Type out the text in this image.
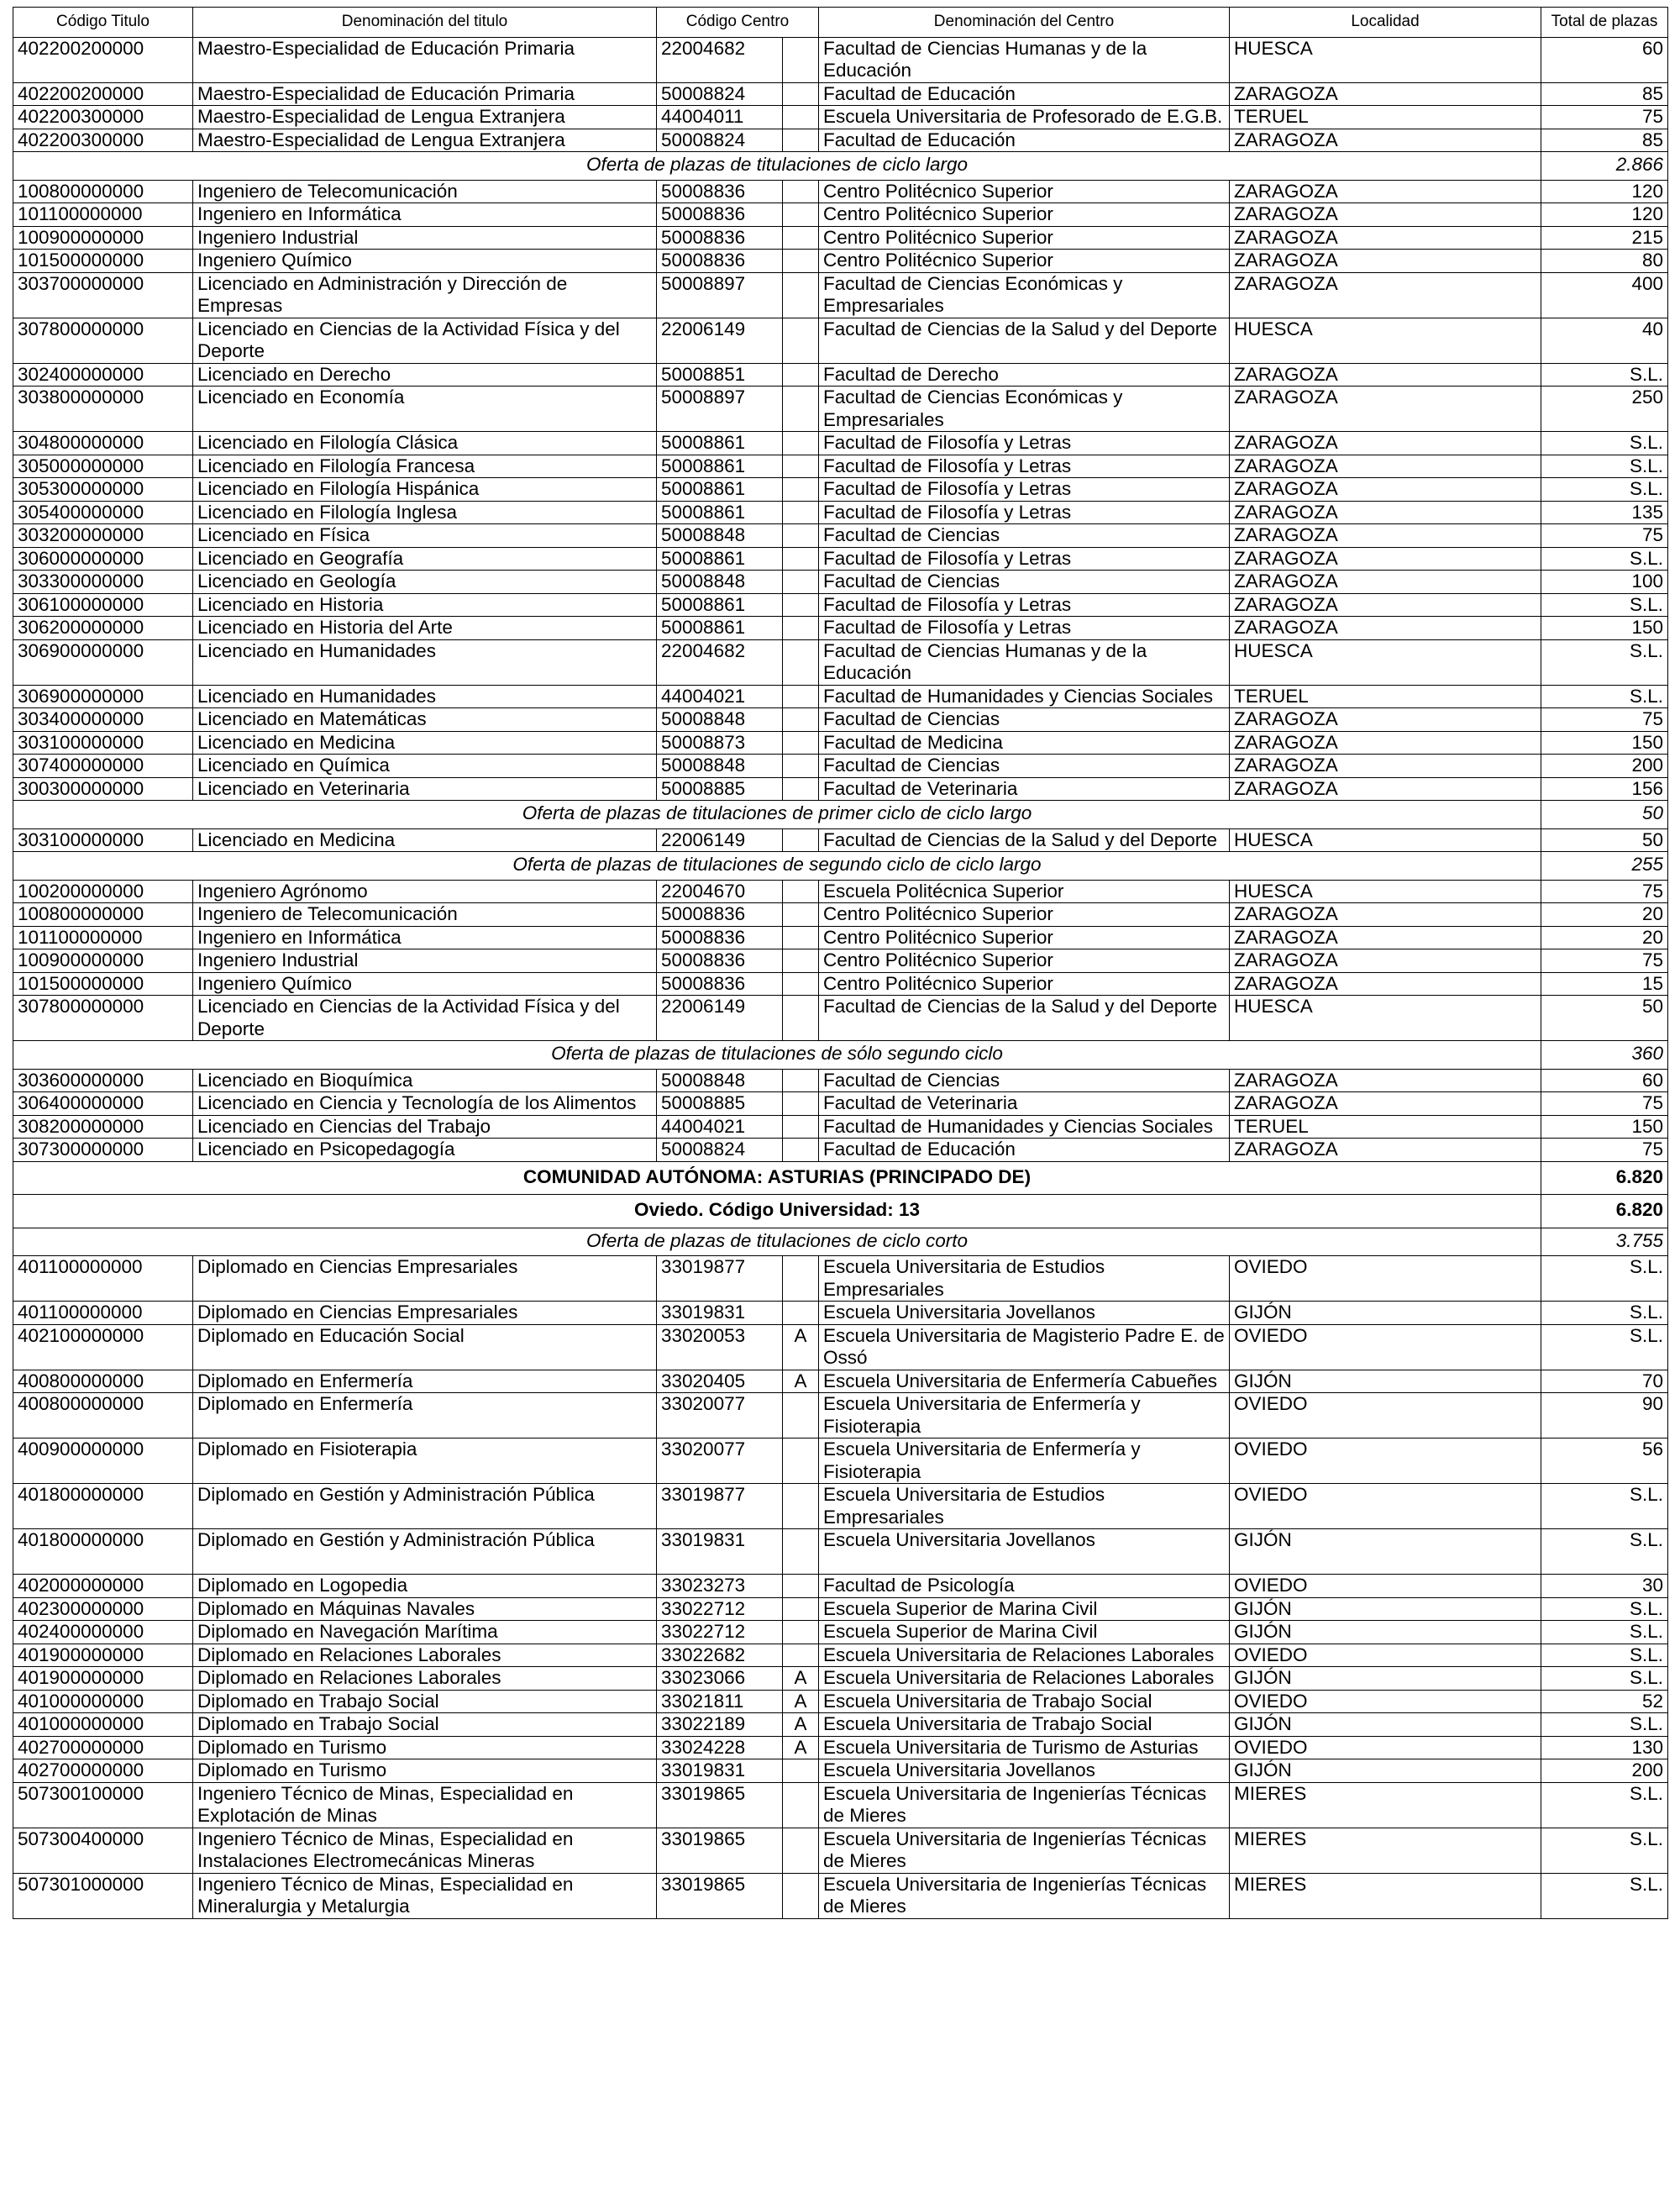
Código Titulo	Denominación del titulo	Código Centro		Denominación del Centro	Localidad	Total de plazas
402200200000	Maestro-Especialidad de Educación Primaria	22004682		Facultad de Ciencias Humanas y de la Educación	HUESCA	60
402200200000	Maestro-Especialidad de Educación Primaria	50008824		Facultad de Educación	ZARAGOZA	85
402200300000	Maestro-Especialidad de Lengua Extranjera	44004011		Escuela Universitaria de Profesorado de E.G.B.	TERUEL	75
402200300000	Maestro-Especialidad de Lengua Extranjera	50008824		Facultad de Educación	ZARAGOZA	85
Oferta de plazas de titulaciones de ciclo largo						2.866
100800000000	Ingeniero de Telecomunicación	50008836		Centro Politécnico Superior	ZARAGOZA	120
101100000000	Ingeniero en Informática	50008836		Centro Politécnico Superior	ZARAGOZA	120
100900000000	Ingeniero Industrial	50008836		Centro Politécnico Superior	ZARAGOZA	215
101500000000	Ingeniero Químico	50008836		Centro Politécnico Superior	ZARAGOZA	80
303700000000	Licenciado en Administración y Dirección de Empresas	50008897		Facultad de Ciencias Económicas y Empresariales	ZARAGOZA	400
307800000000	Licenciado en Ciencias de la Actividad Física y del Deporte	22006149		Facultad de Ciencias de la Salud y del Deporte	HUESCA	40
302400000000	Licenciado en Derecho	50008851		Facultad de Derecho	ZARAGOZA	S.L.
303800000000	Licenciado en Economía	50008897		Facultad de Ciencias Económicas y Empresariales	ZARAGOZA	250
304800000000	Licenciado en Filología Clásica	50008861		Facultad de Filosofía y Letras	ZARAGOZA	S.L.
305000000000	Licenciado en Filología Francesa	50008861		Facultad de Filosofía y Letras	ZARAGOZA	S.L.
305300000000	Licenciado en Filología Hispánica	50008861		Facultad de Filosofía y Letras	ZARAGOZA	S.L.
305400000000	Licenciado en Filología Inglesa	50008861		Facultad de Filosofía y Letras	ZARAGOZA	135
303200000000	Licenciado en Física	50008848		Facultad de Ciencias	ZARAGOZA	75
306000000000	Licenciado en Geografía	50008861		Facultad de Filosofía y Letras	ZARAGOZA	S.L.
303300000000	Licenciado en Geología	50008848		Facultad de Ciencias	ZARAGOZA	100
306100000000	Licenciado en Historia	50008861		Facultad de Filosofía y Letras	ZARAGOZA	S.L.
306200000000	Licenciado en Historia del Arte	50008861		Facultad de Filosofía y Letras	ZARAGOZA	150
306900000000	Licenciado en Humanidades	22004682		Facultad de Ciencias Humanas y de la Educación	HUESCA	S.L.
306900000000	Licenciado en Humanidades	44004021		Facultad de Humanidades y Ciencias Sociales	TERUEL	S.L.
303400000000	Licenciado en Matemáticas	50008848		Facultad de Ciencias	ZARAGOZA	75
303100000000	Licenciado en Medicina	50008873		Facultad de Medicina	ZARAGOZA	150
307400000000	Licenciado en Química	50008848		Facultad de Ciencias	ZARAGOZA	200
300300000000	Licenciado en Veterinaria	50008885		Facultad de Veterinaria	ZARAGOZA	156
Oferta de plazas de titulaciones de primer ciclo de ciclo largo						50
303100000000	Licenciado en Medicina	22006149		Facultad de Ciencias de la Salud y del Deporte	HUESCA	50
Oferta de plazas de titulaciones de segundo ciclo de ciclo largo						255
100200000000	Ingeniero Agrónomo	22004670		Escuela Politécnica Superior	HUESCA	75
100800000000	Ingeniero de Telecomunicación	50008836		Centro Politécnico Superior	ZARAGOZA	20
101100000000	Ingeniero en Informática	50008836		Centro Politécnico Superior	ZARAGOZA	20
100900000000	Ingeniero Industrial	50008836		Centro Politécnico Superior	ZARAGOZA	75
101500000000	Ingeniero Químico	50008836		Centro Politécnico Superior	ZARAGOZA	15
307800000000	Licenciado en Ciencias de la Actividad Física y del Deporte	22006149		Facultad de Ciencias de la Salud y del Deporte	HUESCA	50
Oferta de plazas de titulaciones de sólo segundo ciclo						360
303600000000	Licenciado en Bioquímica	50008848		Facultad de Ciencias	ZARAGOZA	60
306400000000	Licenciado en Ciencia y Tecnología de los Alimentos	50008885		Facultad de Veterinaria	ZARAGOZA	75
308200000000	Licenciado en Ciencias del Trabajo	44004021		Facultad de Humanidades y Ciencias Sociales	TERUEL	150
307300000000	Licenciado en Psicopedagogía	50008824		Facultad de Educación	ZARAGOZA	75
COMUNIDAD AUTÓNOMA: ASTURIAS (PRINCIPADO DE)						6.820
Oviedo. Código Universidad: 13						6.820
Oferta de plazas de titulaciones de ciclo corto						3.755
401100000000	Diplomado en Ciencias Empresariales	33019877		Escuela Universitaria de Estudios Empresariales	OVIEDO	S.L.
401100000000	Diplomado en Ciencias Empresariales	33019831		Escuela Universitaria Jovellanos	GIJÓN	S.L.
402100000000	Diplomado en Educación Social	33020053	A	Escuela Universitaria de Magisterio Padre E. de Ossó	OVIEDO	S.L.
400800000000	Diplomado en Enfermería	33020405	A	Escuela Universitaria de Enfermería Cabueñes	GIJÓN	70
400800000000	Diplomado en Enfermería	33020077		Escuela Universitaria de Enfermería y Fisioterapia	OVIEDO	90
400900000000	Diplomado en Fisioterapia	33020077		Escuela Universitaria de Enfermería y Fisioterapia	OVIEDO	56
401800000000	Diplomado en Gestión y Administración Pública	33019877		Escuela Universitaria de Estudios Empresariales	OVIEDO	S.L.
401800000000	Diplomado en Gestión y Administración Pública	33019831		Escuela Universitaria Jovellanos	GIJÓN	S.L.
402000000000	Diplomado en Logopedia	33023273		Facultad de Psicología	OVIEDO	30
402300000000	Diplomado en Máquinas Navales	33022712		Escuela Superior de Marina Civil	GIJÓN	S.L.
402400000000	Diplomado en Navegación Marítima	33022712		Escuela Superior de Marina Civil	GIJÓN	S.L.
401900000000	Diplomado en Relaciones Laborales	33022682		Escuela Universitaria de Relaciones Laborales	OVIEDO	S.L.
401900000000	Diplomado en Relaciones Laborales	33023066	A	Escuela Universitaria de Relaciones Laborales	GIJÓN	S.L.
401000000000	Diplomado en Trabajo Social	33021811	A	Escuela Universitaria de Trabajo Social	OVIEDO	52
401000000000	Diplomado en Trabajo Social	33022189	A	Escuela Universitaria de Trabajo Social	GIJÓN	S.L.
402700000000	Diplomado en Turismo	33024228	A	Escuela Universitaria de Turismo de Asturias	OVIEDO	130
402700000000	Diplomado en Turismo	33019831		Escuela Universitaria Jovellanos	GIJÓN	200
507300100000	Ingeniero Técnico de Minas, Especialidad en Explotación de Minas	33019865		Escuela Universitaria de Ingenierías Técnicas de Mieres	MIERES	S.L.
507300400000	Ingeniero Técnico de Minas, Especialidad en Instalaciones Electromecánicas Mineras	33019865		Escuela Universitaria de Ingenierías Técnicas de Mieres	MIERES	S.L.
507301000000	Ingeniero Técnico de Minas, Especialidad en Mineralurgia y Metalurgia	33019865		Escuela Universitaria de Ingenierías Técnicas de Mieres	MIERES	S.L.
